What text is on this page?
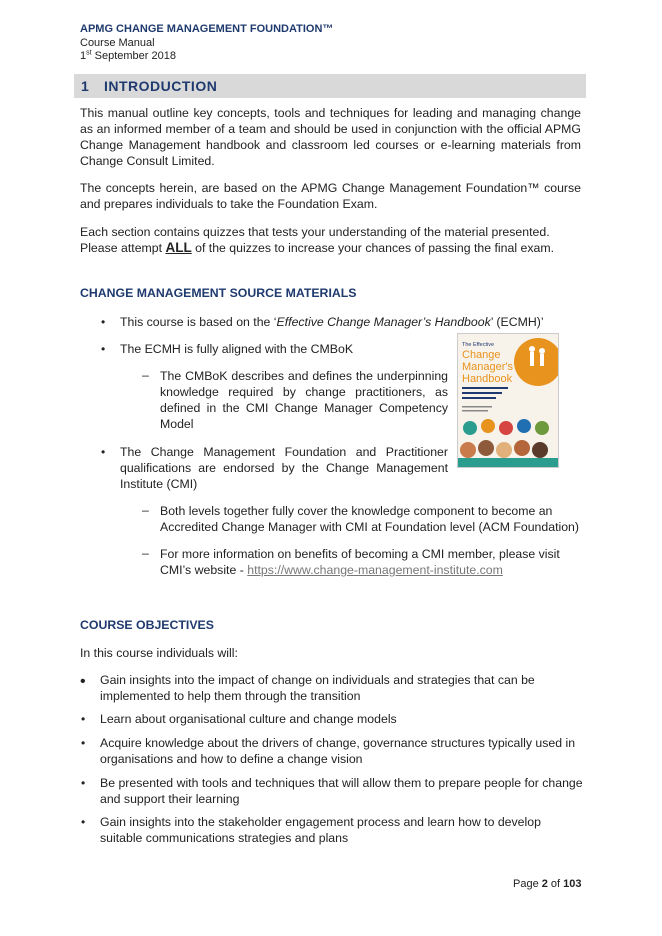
APMG CHANGE MANAGEMENT FOUNDATION™
Course Manual
1st September 2018
1 INTRODUCTION
This manual outline key concepts, tools and techniques for leading and managing change as an informed member of a team and should be used in conjunction with the official APMG Change Management handbook and classroom led courses or e-learning materials from Change Consult Limited.
The concepts herein, are based on the APMG Change Management Foundation™ course and prepares individuals to take the Foundation Exam.
Each section contains quizzes that tests your understanding of the material presented.
Please attempt ALL of the quizzes to increase your chances of passing the final exam.
CHANGE MANAGEMENT SOURCE MATERIALS
• This course is based on the ‘Effective Change Manager’s Handbook’ (ECMH)’
• The ECMH is fully aligned with the CMBoK
– The CMBoK describes and defines the underpinning knowledge required by change practitioners, as defined in the CMI Change Manager Competency Model
• The Change Management Foundation and Practitioner qualifications are endorsed by the Change Management Institute (CMI)
– Both levels together fully cover the knowledge component to become an Accredited Change Manager with CMI at Foundation level (ACM Foundation)
– For more information on benefits of becoming a CMI member, please visit
CMI’s website - https://www.change-management-institute.com
The Effective
Change
Manager's
Handbook
COURSE OBJECTIVES
In this course individuals will:
• Gain insights into the impact of change on individuals and strategies that can be implemented to help them through the transition
• Learn about organisational culture and change models
• Acquire knowledge about the drivers of change, governance structures typically used in organisations and how to define a change vision
• Be presented with tools and techniques that will allow them to prepare people for change and support their learning
• Gain insights into the stakeholder engagement process and learn how to develop suitable communications strategies and plans
Page 2 of 103
